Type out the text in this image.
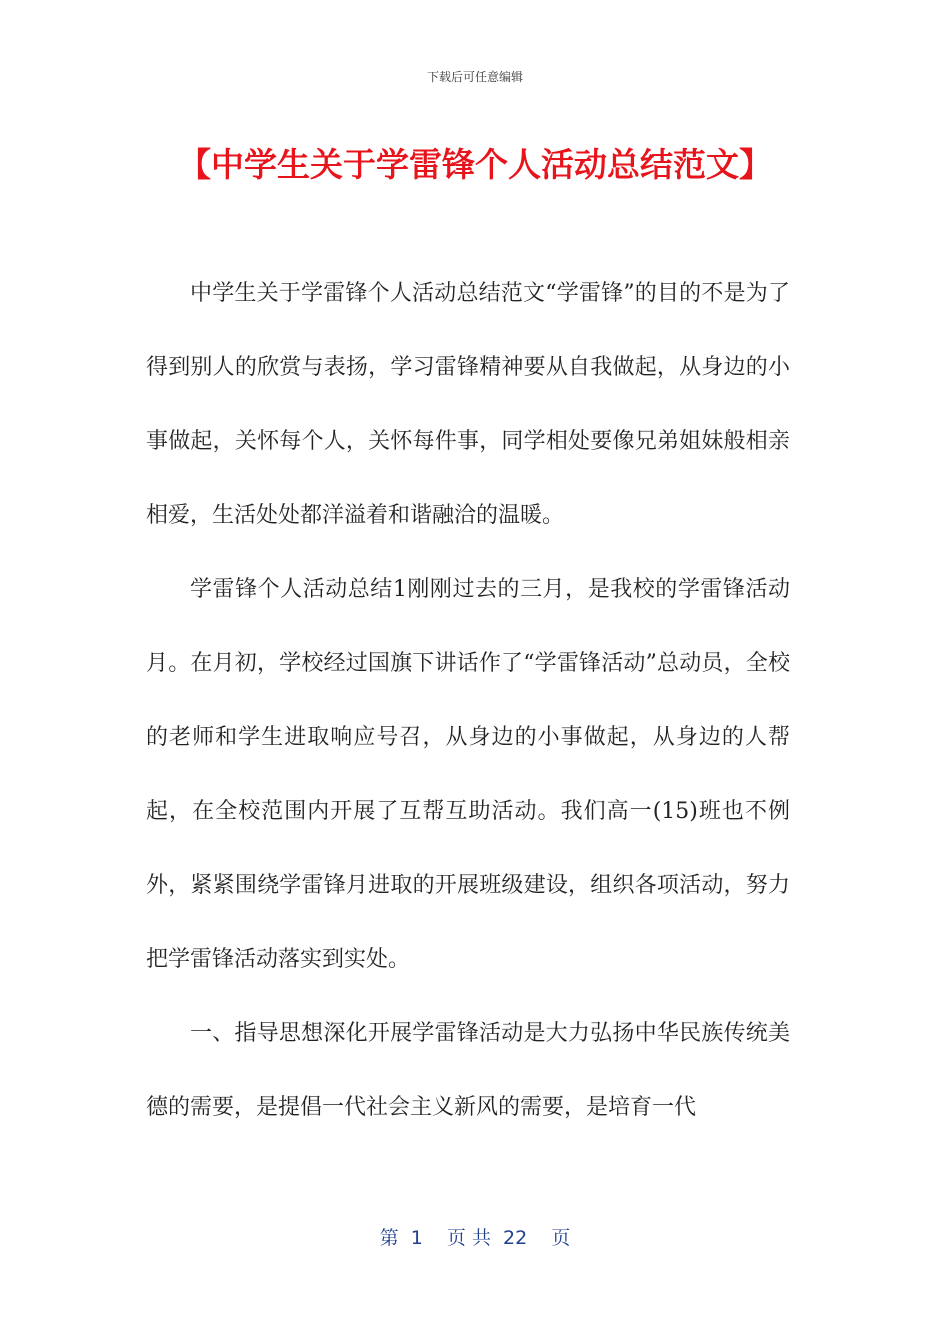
下载后可任意编辑
【中学生关于学雷锋个人活动总结范文】

中学生关于学雷锋个人活动总结范文“学雷锋”的目的不是为了得到别人的欣赏与表扬，学习雷锋精神要从自我做起，从身边的小事做起，关怀每个人，关怀每件事，同学相处要像兄弟姐妹般相亲相爱，生活处处都洋溢着和谐融洽的温暖。

学雷锋个人活动总结1刚刚过去的三月，是我校的学雷锋活动月。在月初，学校经过国旗下讲话作了“学雷锋活动”总动员，全校的老师和学生进取响应号召，从身边的小事做起，从身边的人帮起，在全校范围内开展了互帮互助活动。我们高一(15)班也不例外，紧紧围绕学雷锋月进取的开展班级建设，组织各项活动，努力把学雷锋活动落实到实处。

一、指导思想深化开展学雷锋活动是大力弘扬中华民族传统美德的需要，是提倡一代社会主义新风的需要，是培育一代

第  1    页 共  22    页
